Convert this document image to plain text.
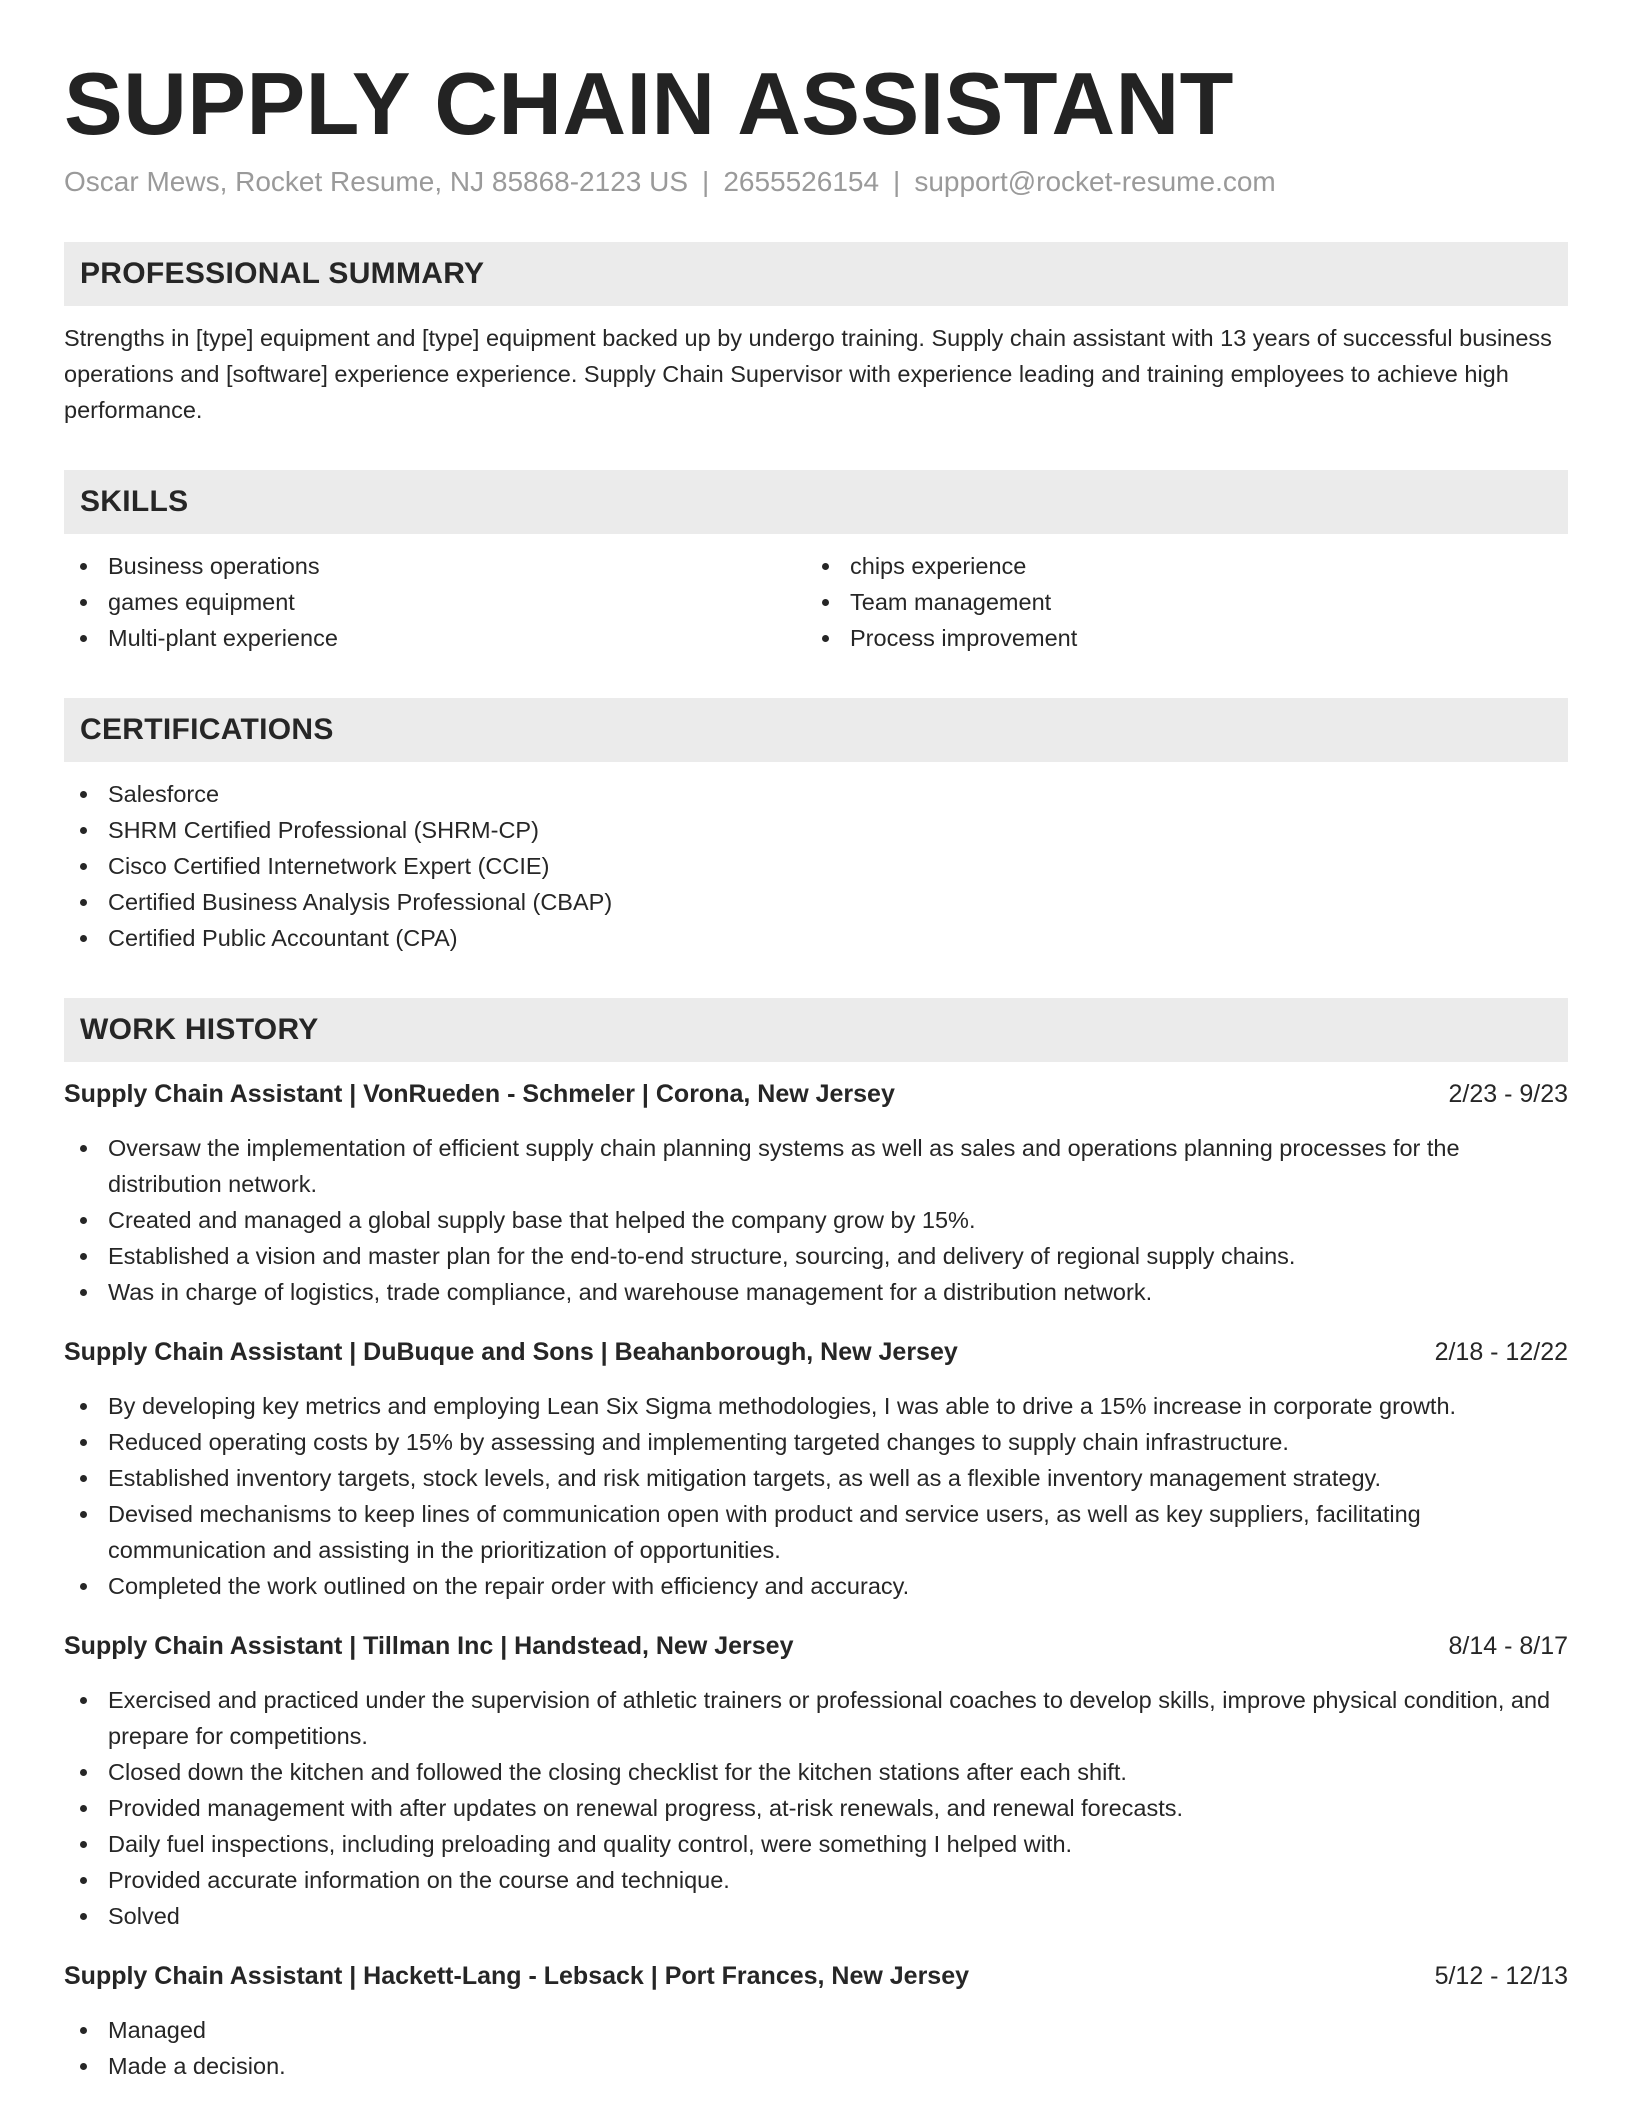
SUPPLY CHAIN ASSISTANT
Oscar Mews, Rocket Resume, NJ 85868-2123 US | 2655526154 | support@rocket-resume.com
PROFESSIONAL SUMMARY
Strengths in [type] equipment and [type] equipment backed up by undergo training. Supply chain assistant with 13 years of successful business operations and [software] experience experience. Supply Chain Supervisor with experience leading and training employees to achieve high performance.
SKILLS
Business operations
games equipment
Multi-plant experience
chips experience
Team management
Process improvement
CERTIFICATIONS
Salesforce
SHRM Certified Professional (SHRM-CP)
Cisco Certified Internetwork Expert (CCIE)
Certified Business Analysis Professional (CBAP)
Certified Public Accountant (CPA)
WORK HISTORY
Supply Chain Assistant | VonRueden - Schmeler | Corona, New Jersey	2/23 - 9/23
Oversaw the implementation of efficient supply chain planning systems as well as sales and operations planning processes for the distribution network.
Created and managed a global supply base that helped the company grow by 15%.
Established a vision and master plan for the end-to-end structure, sourcing, and delivery of regional supply chains.
Was in charge of logistics, trade compliance, and warehouse management for a distribution network.
Supply Chain Assistant | DuBuque and Sons | Beahanborough, New Jersey	2/18 - 12/22
By developing key metrics and employing Lean Six Sigma methodologies, I was able to drive a 15% increase in corporate growth.
Reduced operating costs by 15% by assessing and implementing targeted changes to supply chain infrastructure.
Established inventory targets, stock levels, and risk mitigation targets, as well as a flexible inventory management strategy.
Devised mechanisms to keep lines of communication open with product and service users, as well as key suppliers, facilitating communication and assisting in the prioritization of opportunities.
Completed the work outlined on the repair order with efficiency and accuracy.
Supply Chain Assistant | Tillman Inc | Handstead, New Jersey	8/14 - 8/17
Exercised and practiced under the supervision of athletic trainers or professional coaches to develop skills, improve physical condition, and prepare for competitions.
Closed down the kitchen and followed the closing checklist for the kitchen stations after each shift.
Provided management with after updates on renewal progress, at-risk renewals, and renewal forecasts.
Daily fuel inspections, including preloading and quality control, were something I helped with.
Provided accurate information on the course and technique.
Solved
Supply Chain Assistant | Hackett-Lang - Lebsack | Port Frances, New Jersey	5/12 - 12/13
Managed
Made a decision.
